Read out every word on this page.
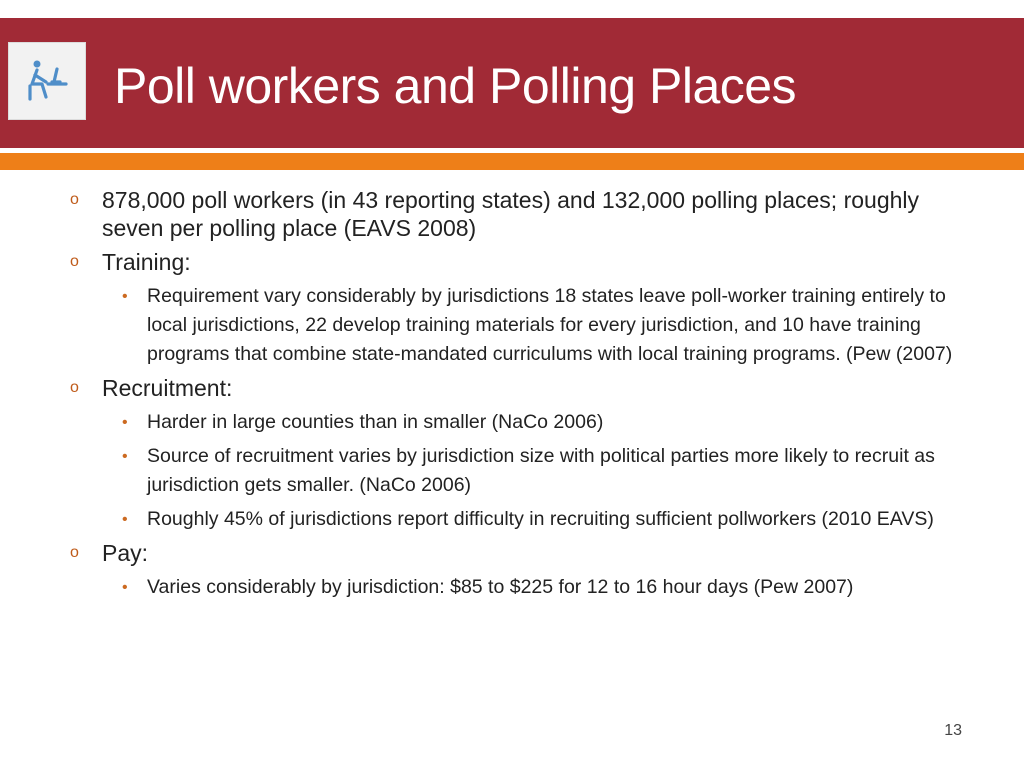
Poll workers and Polling Places
o 878,000 poll workers (in 43 reporting states) and 132,000 polling places; roughly seven per polling place (EAVS 2008)
o Training:
• Requirement vary considerably by jurisdictions 18 states leave poll-worker training entirely to local jurisdictions, 22 develop training materials for every jurisdiction, and 10 have training programs that combine state-mandated curriculums with local training programs. (Pew (2007)
o Recruitment:
• Harder in large counties than in smaller (NaCo 2006)
• Source of recruitment varies by jurisdiction size with political parties more likely to recruit as jurisdiction gets smaller. (NaCo 2006)
• Roughly 45% of jurisdictions report difficulty in recruiting sufficient pollworkers (2010 EAVS)
o Pay:
• Varies considerably by jurisdiction: $85 to $225 for 12 to 16 hour days (Pew 2007)
13
